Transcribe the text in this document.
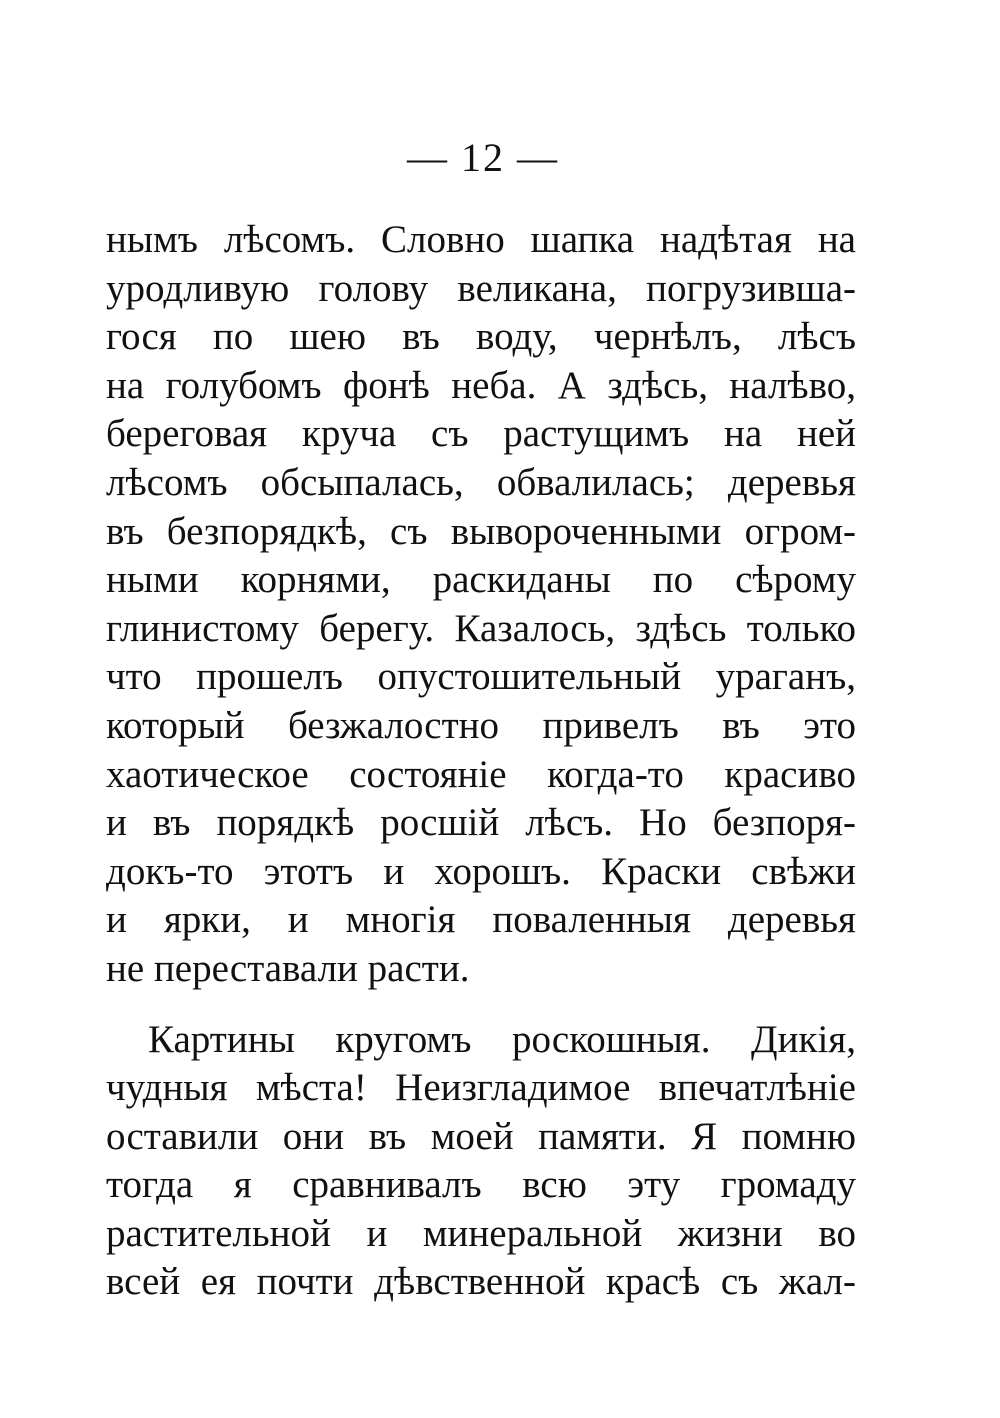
— 12 —
нымъ лѣсомъ. Словно шапка надѣтая на
уродливую голову великана, погрузивша-
гося по шею въ воду, чернѣлъ, лѣсъ
на голубомъ фонѣ неба. А здѣсь, налѣво,
береговая круча съ растущимъ на ней
лѣсомъ обсыпалась, обвалилась; деревья
въ безпорядкѣ, съ вывороченными огром-
ными корнями, раскиданы по сѣрому
глинистому берегу. Казалось, здѣсь только
что прошелъ опустошительный ураганъ,
который безжалостно привелъ въ это
хаотическое состояніе когда-то красиво
и въ порядкѣ росшій лѣсъ. Но безпоря-
докъ-то этотъ и хорошъ. Краски свѣжи
и ярки, и многія поваленныя деревья
не переставали расти.
Картины кругомъ роскошныя. Дикія,
чудныя мѣста! Неизгладимое впечатлѣніе
оставили они въ моей памяти. Я помню
тогда я сравнивалъ всю эту громаду
растительной и минеральной жизни во
всей ея почти дѣвственной красѣ съ жал-
